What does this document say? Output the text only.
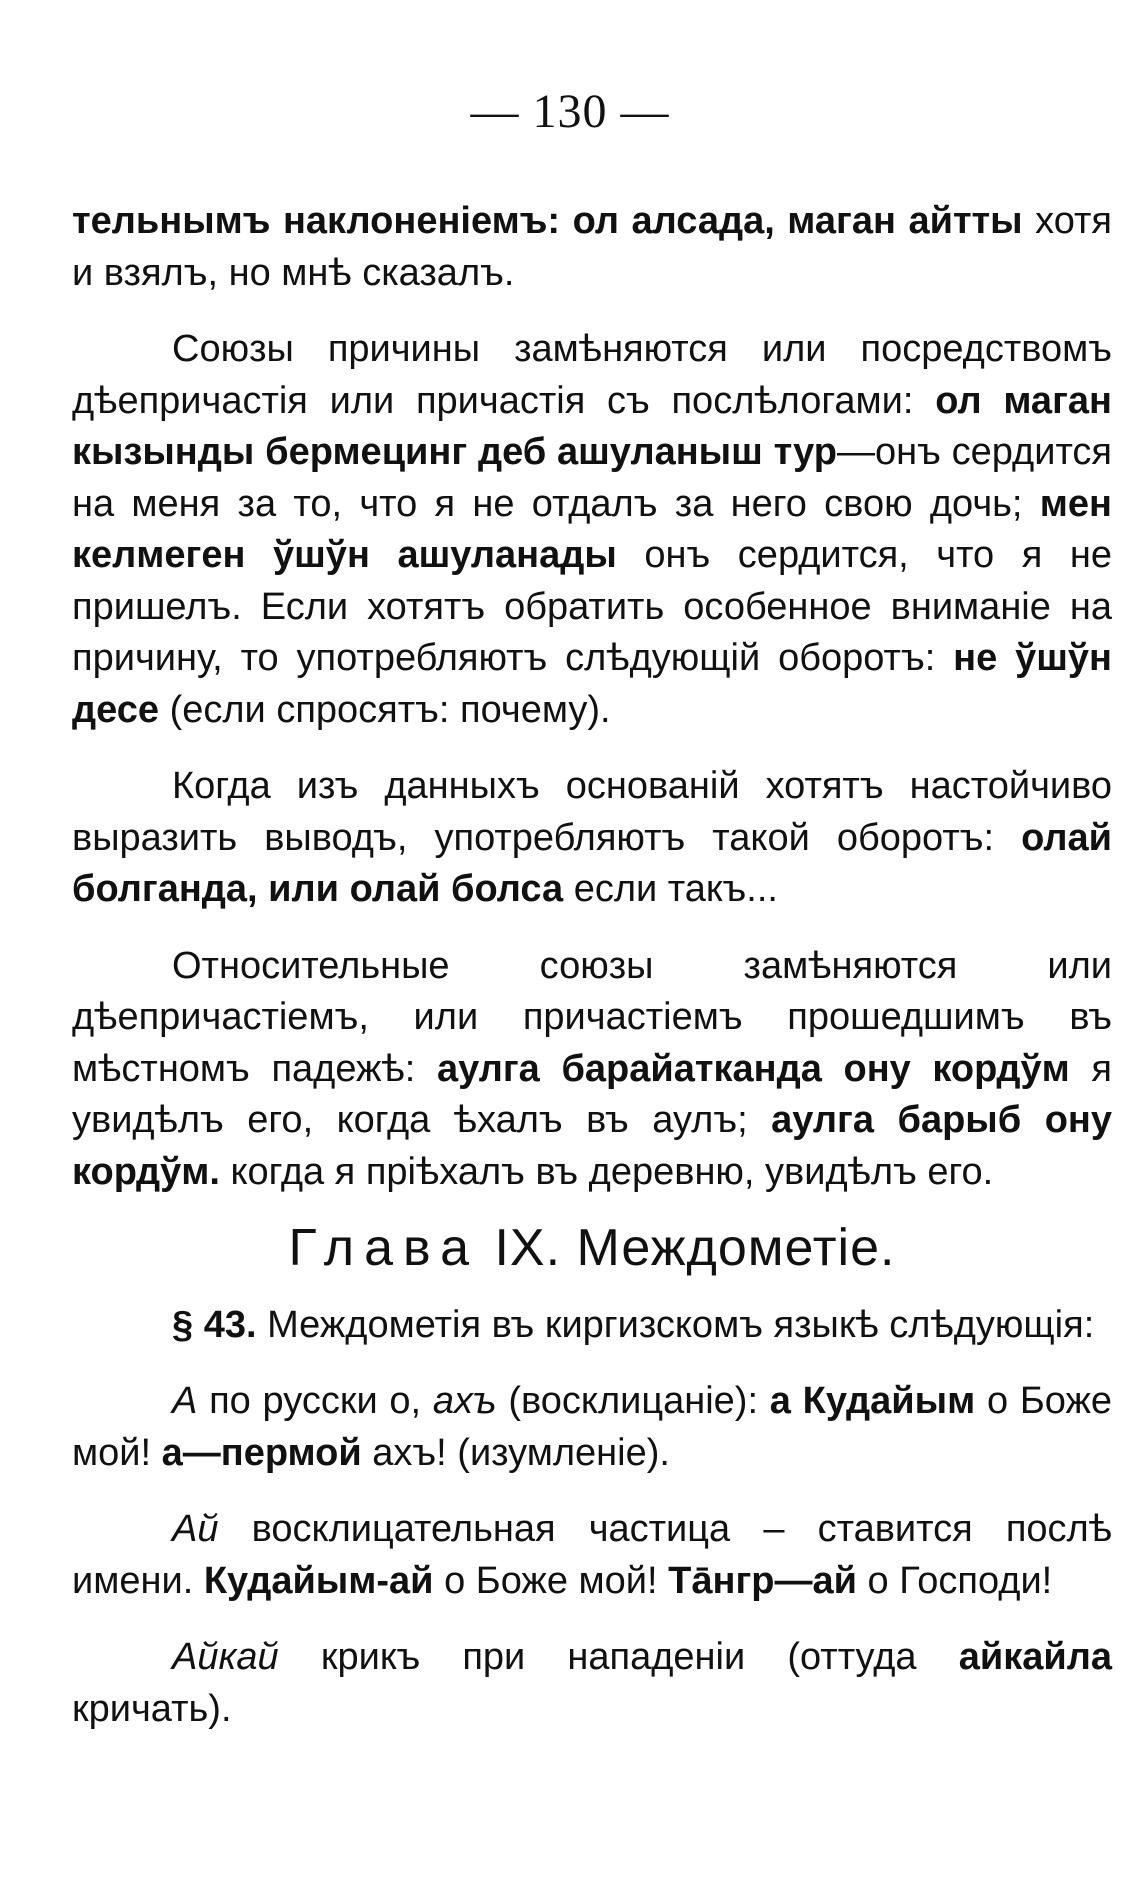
— 130 —

тельнымъ наклоненіемъ: ол алсада, маган айтты хотя и взялъ, но мнѣ сказалъ.

Союзы причины замѣняются или посредствомъ дѣепричастія или причастія съ послѣлогами: ол маган кызынды бермецинг деб ашуланыш тур—онъ сердится на меня за то, что я не отдалъ за него свою дочь; мен келмеген ўшўн ашуланады онъ сердится, что я не пришелъ. Если хотятъ обратить особенное вниманіе на причину, то употребляютъ слѣдующій оборотъ: не ўшўн десе (если спросятъ: почему).

Когда изъ данныхъ основаній хотятъ настойчиво выразить выводъ, употребляютъ такой оборотъ: олай болганда, или олай болса если такъ...

Относительные союзы замѣняются или дѣепричастіемъ, или причастіемъ прошедшимъ въ мѣстномъ падежѣ: аулга барайатканда ону кордўм я увидѣлъ его, когда ѣхалъ въ аулъ; аулга барыб ону кордўм. когда я пріѣхалъ въ деревню, увидѣлъ его.

Глава IX. Междометіе.

§ 43. Междометія въ киргизскомъ языкѣ слѣдующія:

А по русски о, ахъ (восклицаніе): а Кудайым о Боже мой! а—пермой ахъ! (изумленіе).

Ай восклицательная частица – ставится послѣ имени. Кудайым-ай о Боже мой! Тāнгр—ай о Господи!

Айкай крикъ при нападеніи (оттуда айкайла кричать).
